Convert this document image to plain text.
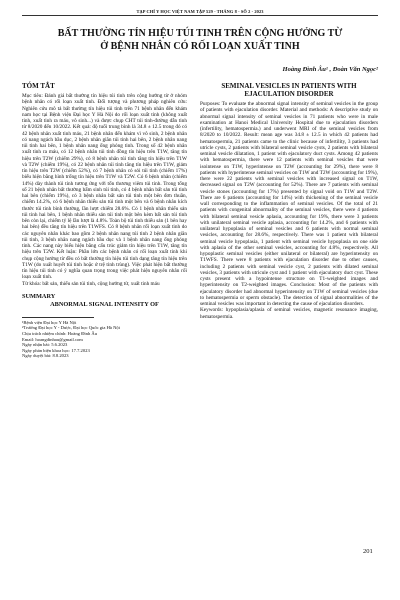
TẠP CHÍ Y HỌC VIỆT NAM TẬP 529 - THÁNG 8 - SỐ 2 - 2023
BẤT THƯỜNG TÍN HIỆU TÚI TINH TRÊN CỘNG HƯỞNG TỪ
Ở BỆNH NHÂN CÓ RỐI LOẠN XUẤT TINH
Hoàng Đình Âu¹ , Đoàn Văn Ngọc²
TÓM TẮT

Mục tiêu: Đánh giá bất thường tín hiệu túi tinh trên cộng hưởng từ ở nhóm bệnh nhân có rối loạn xuất tinh. Đối tượng và phương pháp nghiên cứu: Nghiên cứu mô tả bất thường tín hiệu túi tinh trên 71 bệnh nhân đến khám nam học tại Bệnh viện Đại học Y Hà Nội do rối loạn xuất tinh (không xuất tinh, xuất tinh ra máu, vô sinh...) và được chụp CHT túi tinh-đường dẫn tinh từ 8/2020 đến 10/2022. Kết quả: độ tuổi trung bình là 34.8 ± 12.5 trong đó có 42 bệnh nhân xuất tinh máu, 21 bệnh nhân đến khám vì vô sinh, 2 bệnh nhân có nang ngách bầu dục, 2 bệnh nhân giãn túi tinh hai bên, 2 bệnh nhân nang túi tinh hai bên, 1 bệnh nhân nang ống phóng tinh. Trong số 42 bệnh nhân xuất tinh ra máu, có 12 bệnh nhân túi tinh đồng tín hiệu trên T1W, tăng tín hiệu trên T2W (chiếm 29%), có 8 bệnh nhân túi tinh tăng tín hiệu trên T1W và T2W (chiếm 19%), có 22 bệnh nhân túi tinh tăng tín hiệu trên T1W, giảm tín hiệu trên T2W (chiếm 52%), có 7 bệnh nhân có sỏi túi tinh (chiếm 17%) biểu hiện bằng hình trống tín hiệu trên T1W và T2W. Có 6 bệnh nhân (chiếm 14%) dày thành túi tinh tương ứng với tổn thương viêm túi tinh. Trong tổng số 21 bệnh nhân bất thường bẩm sinh túi tinh, có 4 bệnh nhân bất sản túi tinh hai bên (chiếm 19%), có 3 bệnh nhân bất sản túi tinh một bên đơn thuần, chiếm 14.2%, có 6 bệnh nhân thiểu sản túi tinh một bên và 6 bệnh nhân kích thước túi tinh bình thường, lần lượt chiếm 28.6%. Có 1 bệnh nhân thiểu sản túi tinh hai bên, 1 bệnh nhân thiểu sản túi tinh một bên kèm bất sản túi tinh bên còn lại, chiếm tỷ lệ lần lượt là 4.8%. Toàn bộ túi tinh thiểu sản (1 bên hay hai bên) đều tăng tín hiệu trên T1WFS. Có 8 bệnh nhân rối loạn xuất tinh do các nguyên nhân khác bao gồm 2 bệnh nhân nang túi tinh 2 bệnh nhân giãn túi tinh, 3 bệnh nhân nang ngách bầu dục và 1 bệnh nhân nang ống phóng tinh. Các nang này biểu hiện bằng cấu trúc giảm tín hiệu trên T1W, tăng tín hiệu trên T2W. Kết luận: Phần lớn các bệnh nhân có rối loạn xuất tinh khi chụp cộng hưởng từ đều có bất thường tín hiệu túi tinh dạng tăng tín hiệu trên T1W (do xuất huyết túi tinh hoặc ứ trệ tinh trùng). Việc phát hiện bất thường tín hiệu túi tinh có ý nghĩa quan trọng trong việc phát hiện nguyên nhân rối loạn xuất tinh.

Từ khóa: bất sản, thiểu sản túi tinh, cộng hưởng từ, xuất tinh máu

SUMMARY
ABNORMAL SIGNAL INTENSITY OF

¹Bệnh viện Đại học Y Hà Nội

²Trường Đại học Y - Dược, Đại học Quốc gia Hà Nội

Chịu trách nhiệm chính: Hoàng Đình Âu

Email: hoangdinhau@gmail.com

Ngày nhận bài: 5.6.2023

Ngày phản biện khoa học: 17.7.2023

Ngày duyệt bài: 8.8.2023

SEMINAL VESICLES IN PATIENTS WITH EJACULATION DISORDER

Purposes: To evaluate the abnormal signal intensity of seminal vesicles in the group of patients with ejaculation disorder. Material and methods: A descriptive study on abnormal signal intensity of seminal vesicles in 71 patients who were in male examination at Hanoi Medical University Hospital due to ejaculation disorders (infertility, hematospermia.) and underwent MRI of the seminal vesicles from 8/2020 to 10/2022. Result: mean age was 34.8 ± 12.5 in which 42 patients had hematospermia, 21 patients came to the clinic because of infertility, 3 patients had utricle cysts, 2 patients with bilateral seminal vesicle cysts, 2 patients with bilateral seminal vesicle dilatation, 1 patient with ejaculatory duct cysts. Among 42 patients with hematospermia, there were 12 patients with seminal vesicles that were isointense on T1W, hyperintense on T2W (accounting for 29%), there were 8 patients with hyperintense seminal vesicles on T1W and T2W (accounting for 19%), there were 22 patients with seminal vesicles with increased signal on T1W, decreased signal on T2W (accounting for 52%). There are 7 patients with seminal vesicle stones (accounting for 17%) presented by signal void on T1W and T2W. There are 6 patients (accounting for 14%) with thickening of the seminal vesicle wall corresponding to the inflammation of seminal vesicles. Of the total of 21 patients with congenital abnormality of the seminal vesicles, there were 4 patients with bilateral seminal vesicle aplasia, accounting for 19%, there were 3 patients with unilateral seminal vesicle aplasia, accounting for 14.2%, and 6 patients with unilateral hypoplasia of seminal vesicles and 6 patients with normal seminal vesicles, accounting for 28.6%, respectively. There was 1 patient with bilateral seminal vesicle hypoplasia, 1 patient with seminal vesicle hypoplasia on one side with aplasia of the other seminal vesicles, accounting for 4.8%, respectively. All hypoplastic seminal vesicles (either unilateral or bilateral) are hyperintensity on T1WFS. There were 8 patients with ejaculation disorder due to other causes, including 2 patients with seminal vesicle cyst, 2 patients with dilated seminal vesicles, 3 patients with utricule cyst and 1 patient with ejaculatory duct cyst. These cysts present with a hypointense structure on T1-weighted images and hyperintensity on T2-weighted images. Conclusion: Most of the patients with ejaculatory disorder had abnormal hyperintensity on T1W of seminal vesicles (due to hematospermia or sperm obstacle). The detection of signal abnormalities of the seminal vesicles was important in detecting the cause of ejaculation disorders.

Keywords: hypoplasia/aplasia of seminal vesicles, magnetic resonance imaging, hematospermia.

201
